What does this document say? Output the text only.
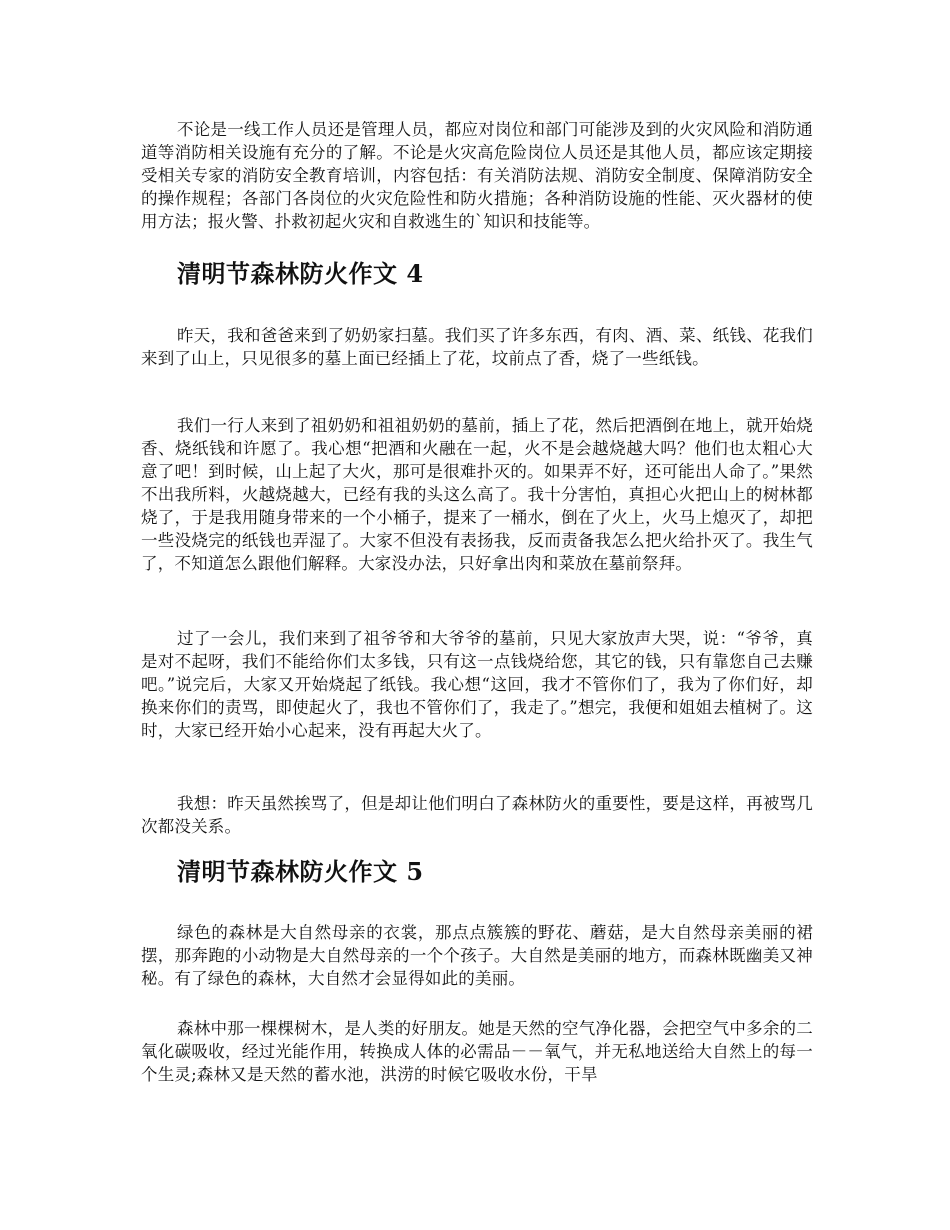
不论是一线工作人员还是管理人员，都应对岗位和部门可能涉及到的火灾风险和消防通道等消防相关设施有充分的了解。不论是火灾高危险岗位人员还是其他人员，都应该定期接受相关专家的消防安全教育培训，内容包括：有关消防法规、消防安全制度、保障消防安全的操作规程；各部门各岗位的火灾危险性和防火措施；各种消防设施的性能、灭火器材的使用方法；报火警、扑救初起火灾和自救逃生的`知识和技能等。

清明节森林防火作文 4

昨天，我和爸爸来到了奶奶家扫墓。我们买了许多东西，有肉、酒、菜、纸钱、花我们来到了山上，只见很多的墓上面已经插上了花，坟前点了香，烧了一些纸钱。

我们一行人来到了祖奶奶和祖祖奶奶的墓前，插上了花，然后把酒倒在地上，就开始烧香、烧纸钱和许愿了。我心想“把酒和火融在一起，火不是会越烧越大吗？他们也太粗心大意了吧！到时候，山上起了大火，那可是很难扑灭的。如果弄不好，还可能出人命了。”果然不出我所料，火越烧越大，已经有我的头这么高了。我十分害怕，真担心火把山上的树林都烧了，于是我用随身带来的一个小桶子，提来了一桶水，倒在了火上，火马上熄灭了，却把一些没烧完的纸钱也弄湿了。大家不但没有表扬我，反而责备我怎么把火给扑灭了。我生气了，不知道怎么跟他们解释。大家没办法，只好拿出肉和菜放在墓前祭拜。

过了一会儿，我们来到了祖爷爷和大爷爷的墓前，只见大家放声大哭，说：“爷爷，真是对不起呀，我们不能给你们太多钱，只有这一点钱烧给您，其它的钱，只有靠您自己去赚吧。”说完后，大家又开始烧起了纸钱。我心想“这回，我才不管你们了，我为了你们好，却换来你们的责骂，即使起火了，我也不管你们了，我走了。”想完，我便和姐姐去植树了。这时，大家已经开始小心起来，没有再起大火了。

我想：昨天虽然挨骂了，但是却让他们明白了森林防火的重要性，要是这样，再被骂几次都没关系。

清明节森林防火作文 5

绿色的森林是大自然母亲的衣裳，那点点簇簇的野花、蘑菇，是大自然母亲美丽的裙摆，那奔跑的小动物是大自然母亲的一个个孩子。大自然是美丽的地方，而森林既幽美又神秘。有了绿色的森林，大自然才会显得如此的美丽。

森林中那一棵棵树木，是人类的好朋友。她是天然的空气净化器，会把空气中多余的二氧化碳吸收，经过光能作用，转换成人体的必需品－－氧气，并无私地送给大自然上的每一个生灵;森林又是天然的蓄水池，洪涝的时候它吸收水份，干旱
